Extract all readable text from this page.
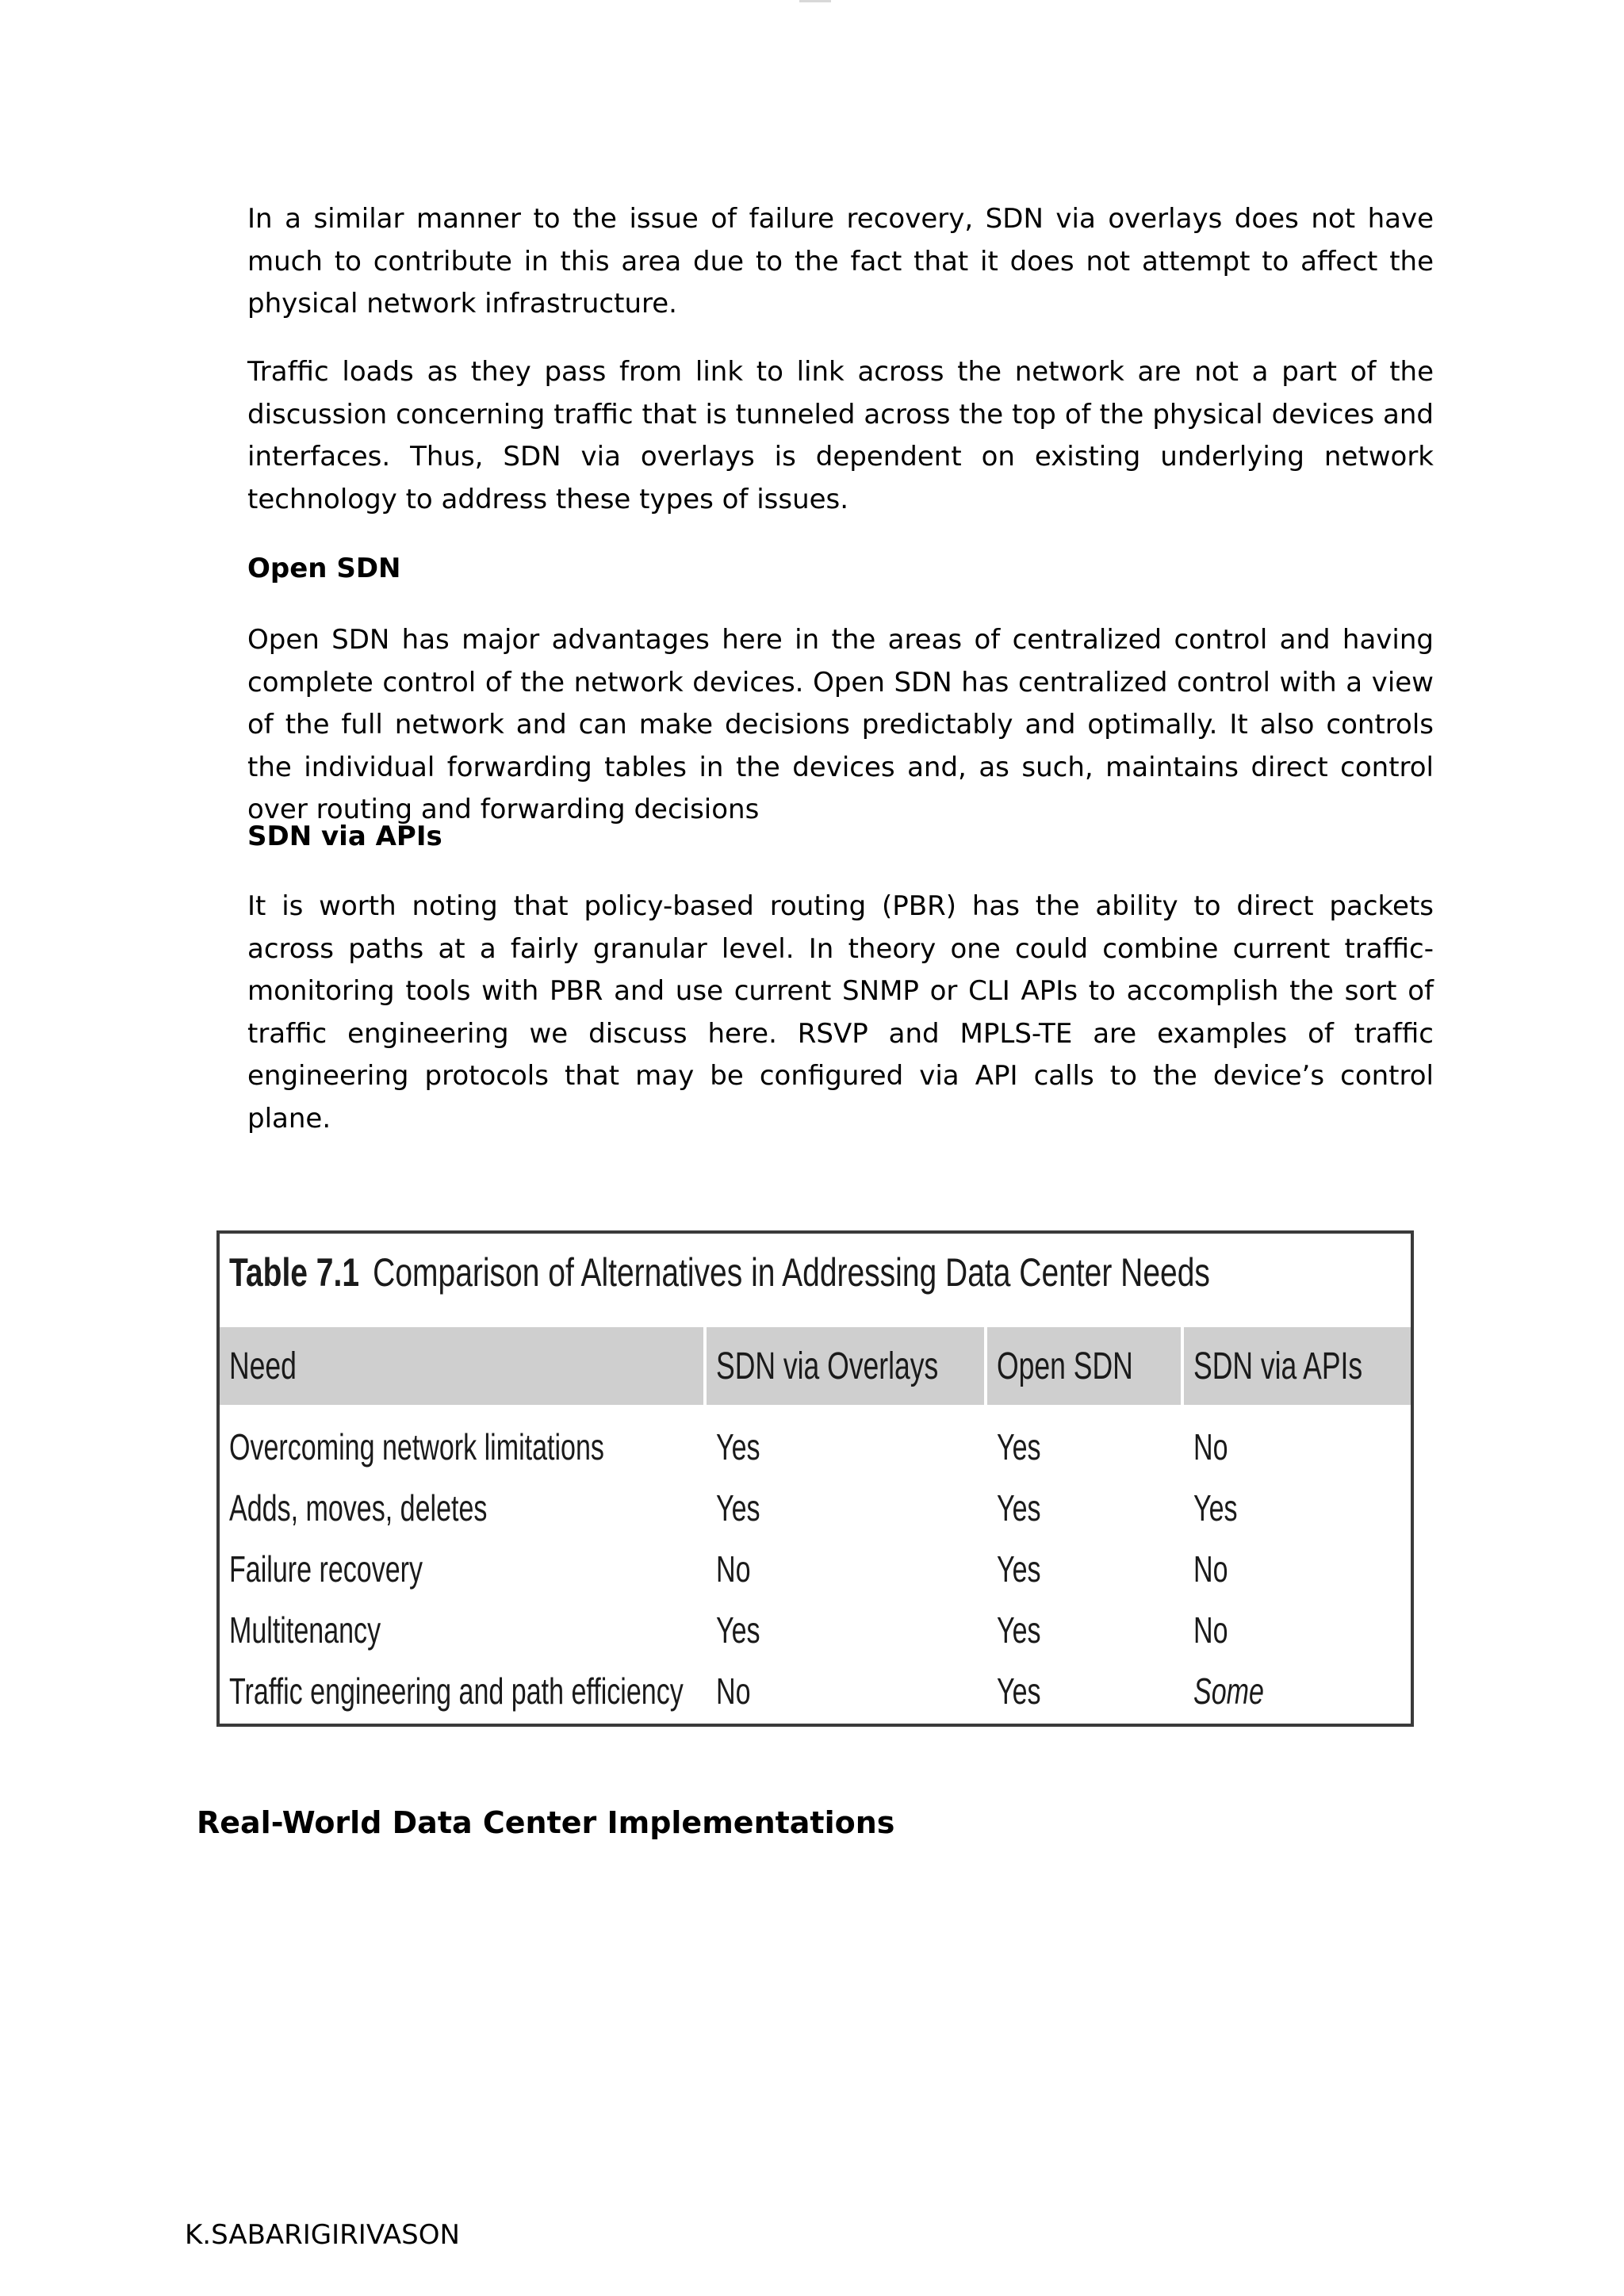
In a similar manner to the issue of failure recovery, SDN via overlays does not have much to contribute in this area due to the fact that it does not attempt to affect the physical network infrastructure.

Trafﬁc loads as they pass from link to link across the network are not a part of the discussion concerning trafﬁc that is tunneled across the top of the physical devices and interfaces. Thus, SDN via overlays is dependent on existing underlying network technology to address these types of issues.

Open SDN

Open SDN has major advantages here in the areas of centralized control and having complete control of the network devices. Open SDN has centralized control with a view of the full network and can make decisions predictably and optimally. It also controls the individual forwarding tables in the devices and, as such, maintains direct control over routing and forwarding decisions

SDN via APIs

It is worth noting that policy-based routing (PBR) has the ability to direct packets across paths at a fairly granular level. In theory one could combine current trafﬁc-monitoring tools with PBR and use current SNMP or CLI APIs to accomplish the sort of trafﬁc engineering we discuss here. RSVP and MPLS-TE are examples of trafﬁc engineering protocols that may be configured via API calls to the device’s control plane.

Table 7.1 Comparison of Alternatives in Addressing Data Center Needs
Need	SDN via Overlays	Open SDN	SDN via APIs
Overcoming network limitations	Yes	Yes	No
Adds, moves, deletes	Yes	Yes	Yes
Failure recovery	No	Yes	No
Multitenancy	Yes	Yes	No
Traffic engineering and path efficiency	No	Yes	Some

Real-World Data Center Implementations

K.SABARIGIRIVASON
